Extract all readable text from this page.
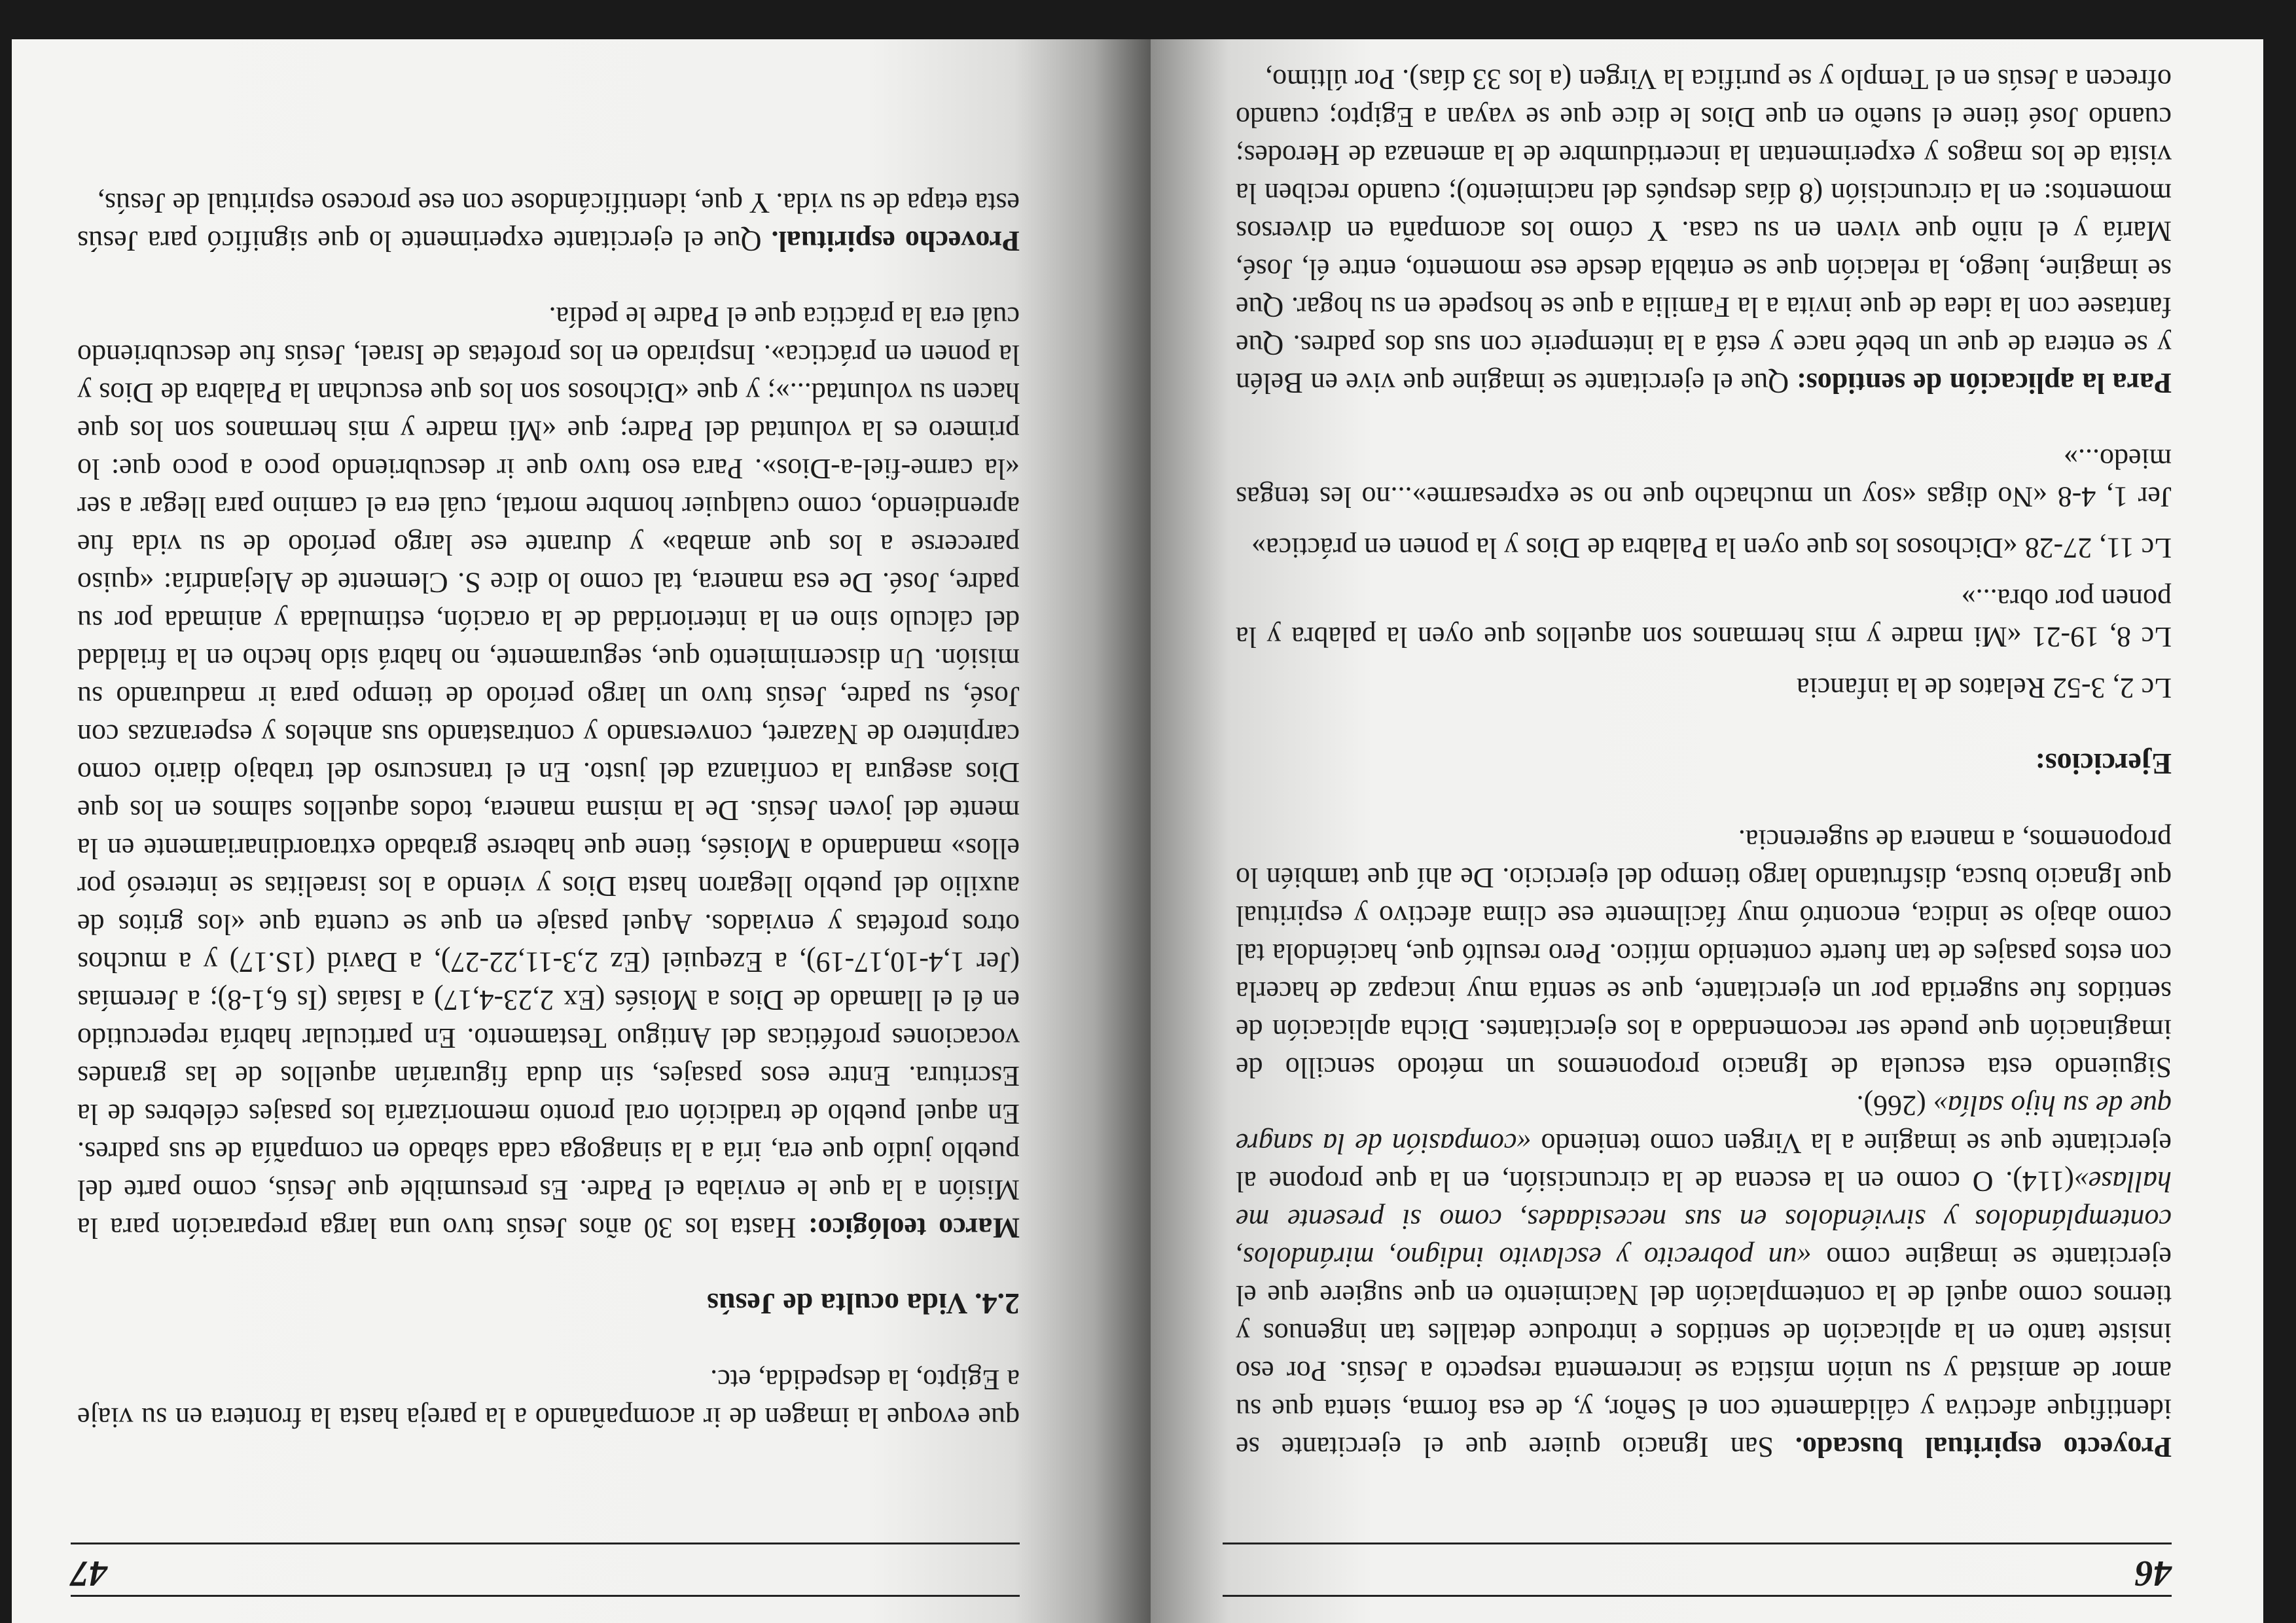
46

Proyecto espiritual buscado. San Ignacio quiere que el ejercitante se identifique afectiva y cálidamente con el Señor, y, de esa forma, sienta que su amor de amistad y su unión mística se incrementa respecto a Jesús. Por eso insiste tanto en la aplicación de sentidos e introduce detalles tan ingenuos y tiernos como aquél de la contemplación del Nacimiento en que sugiere que el ejercitante se imagine como «un pobrecito y esclavito indigno, mirándolos, contemplándolos y sirviéndolos en sus necesidades, como si presente me hallase»(114). O como en la escena de la circuncisión, en la que propone al ejercitante que se imagine a la Virgen como teniendo «compasión de la sangre que de su hijo salía» (266).

Siguiendo esta escuela de Ignacio proponemos un método sencillo de imaginación que puede ser recomendado a los ejercitantes. Dicha aplicación de sentidos fue sugerida por un ejercitante, que se sentía muy incapaz de hacerla con estos pasajes de tan fuerte contenido mítico. Pero resultó que, haciéndola tal como abajo se indica, encontró muy fácilmente ese clima afectivo y espiritual que Ignacio busca, disfrutando largo tiempo del ejercicio. De ahí que también lo proponemos, a manera de sugerencia.

Ejercicios:

Lc 2, 3-52 Relatos de la infancia

Lc 8, 19-21 «Mi madre y mis hermanos son aquellos que oyen la palabra y la ponen por obra...»

Lc 11, 27-28 «Dichosos los que oyen la Palabra de Dios y la ponen en práctica»

Jer 1, 4-8 «No digas «soy un muchacho que no se expresarme»...no les tengas miedo...»

Para la aplicación de sentidos: Que el ejercitante se imagine que vive en Belén y se entera de que un bebé nace y está a la intemperie con sus dos padres. Que fantasee con la idea de que invita a la Familia a que se hospede en su hogar. Que se imagine, luego, la relación que se entabla desde ese momento, entre él, José, María y el niño que viven en su casa. Y cómo los acompaña en diversos momentos: en la circuncisión (8 días después del nacimiento); cuando reciben la visita de los magos y experimentan la incertidumbre de la amenaza de Herodes; cuando José tiene el sueño en que Dios le dice que se vayan a Egipto; cuando ofrecen a Jesús en el Templo y se purifica la Virgen (a los 33 días). Por último,

47

que evoque la imagen de ir acompañando a la pareja hasta la frontera en su viaje a Egipto, la despedida, etc.

2.4. Vida oculta de Jesús

Marco teológico: Hasta los 30 años Jesús tuvo una larga preparación para la Misión a la que le enviaba el Padre. Es presumible que Jesús, como parte del pueblo judío que era, iría a la sinagoga cada sábado en compañía de sus padres. En aquel pueblo de tradición oral pronto memorizaría los pasajes célebres de la Escritura. Entre esos pasajes, sin duda figurarían aquellos de las grandes vocaciones proféticas del Antiguo Testamento. En particular habría repercutido en él el llamado de Dios a Moisés (Ex 2,23-4,17) a Isaías (Is 6,1-8); a Jeremías (Jer 1,4-10,17-19), a Ezequiel (Ez 2,3-11,22-27), a David (1S.17) y a muchos otros profetas y enviados. Aquel pasaje en que se cuenta que «los gritos de auxilio del pueblo llegaron hasta Dios y viendo a los israelitas se interesó por ellos» mandando a Moisés, tiene que haberse grabado extraordinariamente en la mente del joven Jesús. De la misma manera, todos aquellos salmos en los que Dios asegura la confianza del justo. En el transcurso del trabajo diario como carpintero de Nazaret, conversando y contrastando sus anhelos y esperanzas con José, su padre, Jesús tuvo un largo período de tiempo para ir madurando su misión. Un discernimiento que, seguramente, no habrá sido hecho en la frialdad del cálculo sino en la interioridad de la oración, estimulada y animada por su padre, José. De esa manera, tal como lo dice S. Clemente de Alejandría: «quiso parecerse a los que amaba» y durante ese largo período de su vida fue aprendiendo, como cualquier hombre mortal, cuál era el camino para llegar a ser «la carne-fiel-a-Dios». Para eso tuvo que ir descubriendo poco a poco que: lo primero es la voluntad del Padre; que «Mi madre y mis hermanos son los que hacen su voluntad...»; y que «Dichosos son los que escuchan la Palabra de Dios y la ponen en práctica». Inspirado en los profetas de Israel, Jesús fue descubriendo cuál era la práctica que el Padre le pedía.

Provecho espiritual. Que el ejercitante experimente lo que significó para Jesús esta etapa de su vida. Y que, identificándose con ese proceso espiritual de Jesús,
